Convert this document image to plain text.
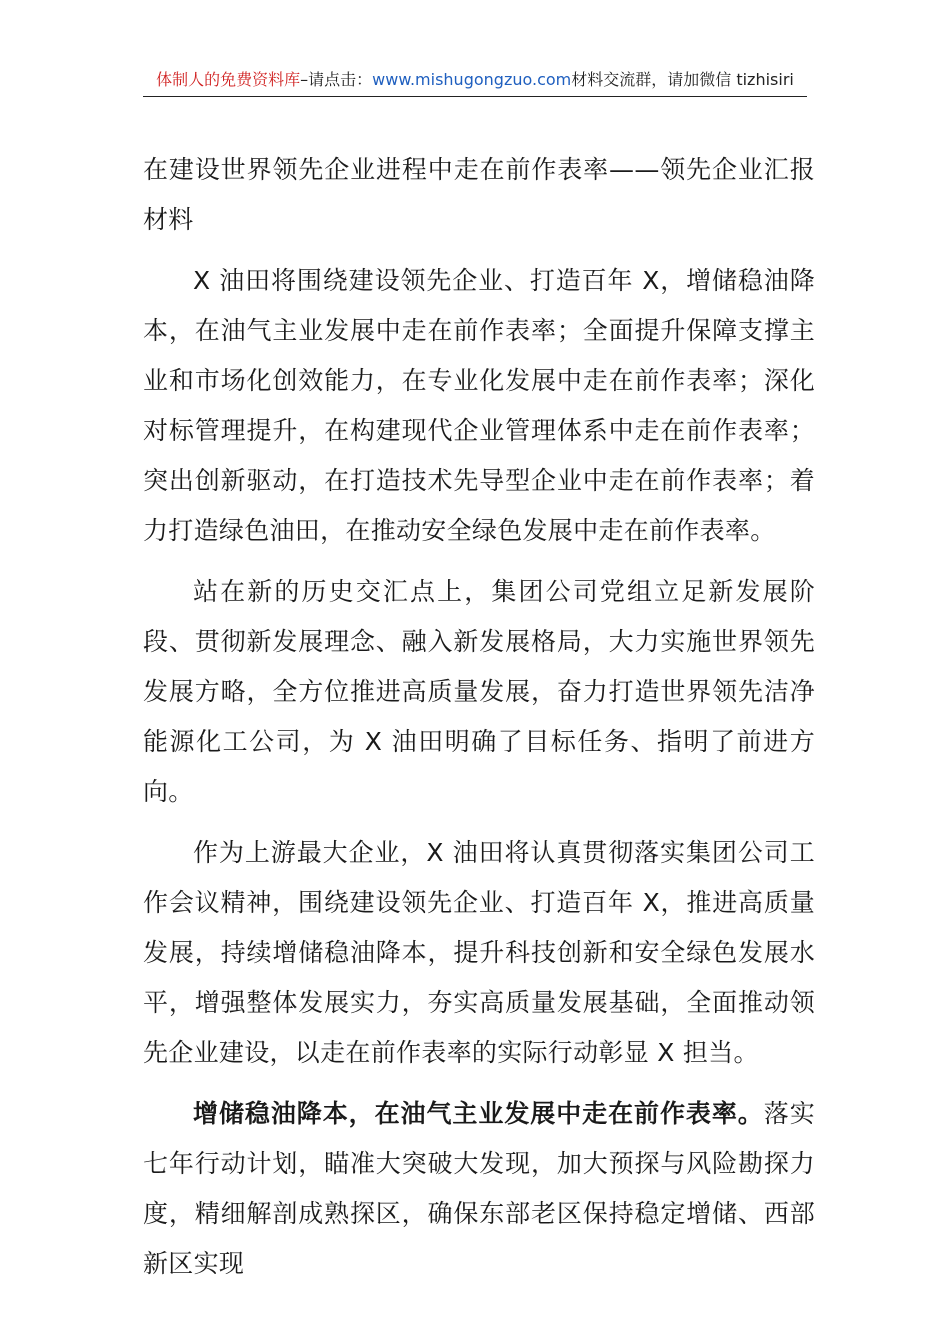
体制人的免费资料库–请点击：www.mishugongzuo.com材料交流群，请加微信 tizhisiri

在建设世界领先企业进程中走在前作表率——领先企业汇报材料

X 油田将围绕建设领先企业、打造百年 X，增储稳油降本，在油气主业发展中走在前作表率；全面提升保障支撑主业和市场化创效能力，在专业化发展中走在前作表率；深化对标管理提升，在构建现代企业管理体系中走在前作表率；突出创新驱动，在打造技术先导型企业中走在前作表率；着力打造绿色油田，在推动安全绿色发展中走在前作表率。

站在新的历史交汇点上，集团公司党组立足新发展阶段、贯彻新发展理念、融入新发展格局，大力实施世界领先发展方略，全方位推进高质量发展，奋力打造世界领先洁净能源化工公司，为 X 油田明确了目标任务、指明了前进方向。

作为上游最大企业，X 油田将认真贯彻落实集团公司工作会议精神，围绕建设领先企业、打造百年 X，推进高质量发展，持续增储稳油降本，提升科技创新和安全绿色发展水平，增强整体发展实力，夯实高质量发展基础，全面推动领先企业建设，以走在前作表率的实际行动彰显 X 担当。

增储稳油降本，在油气主业发展中走在前作表率。落实七年行动计划，瞄准大突破大发现，加大预探与风险勘探力度，精细解剖成熟探区，确保东部老区保持稳定增储、西部新区实现
